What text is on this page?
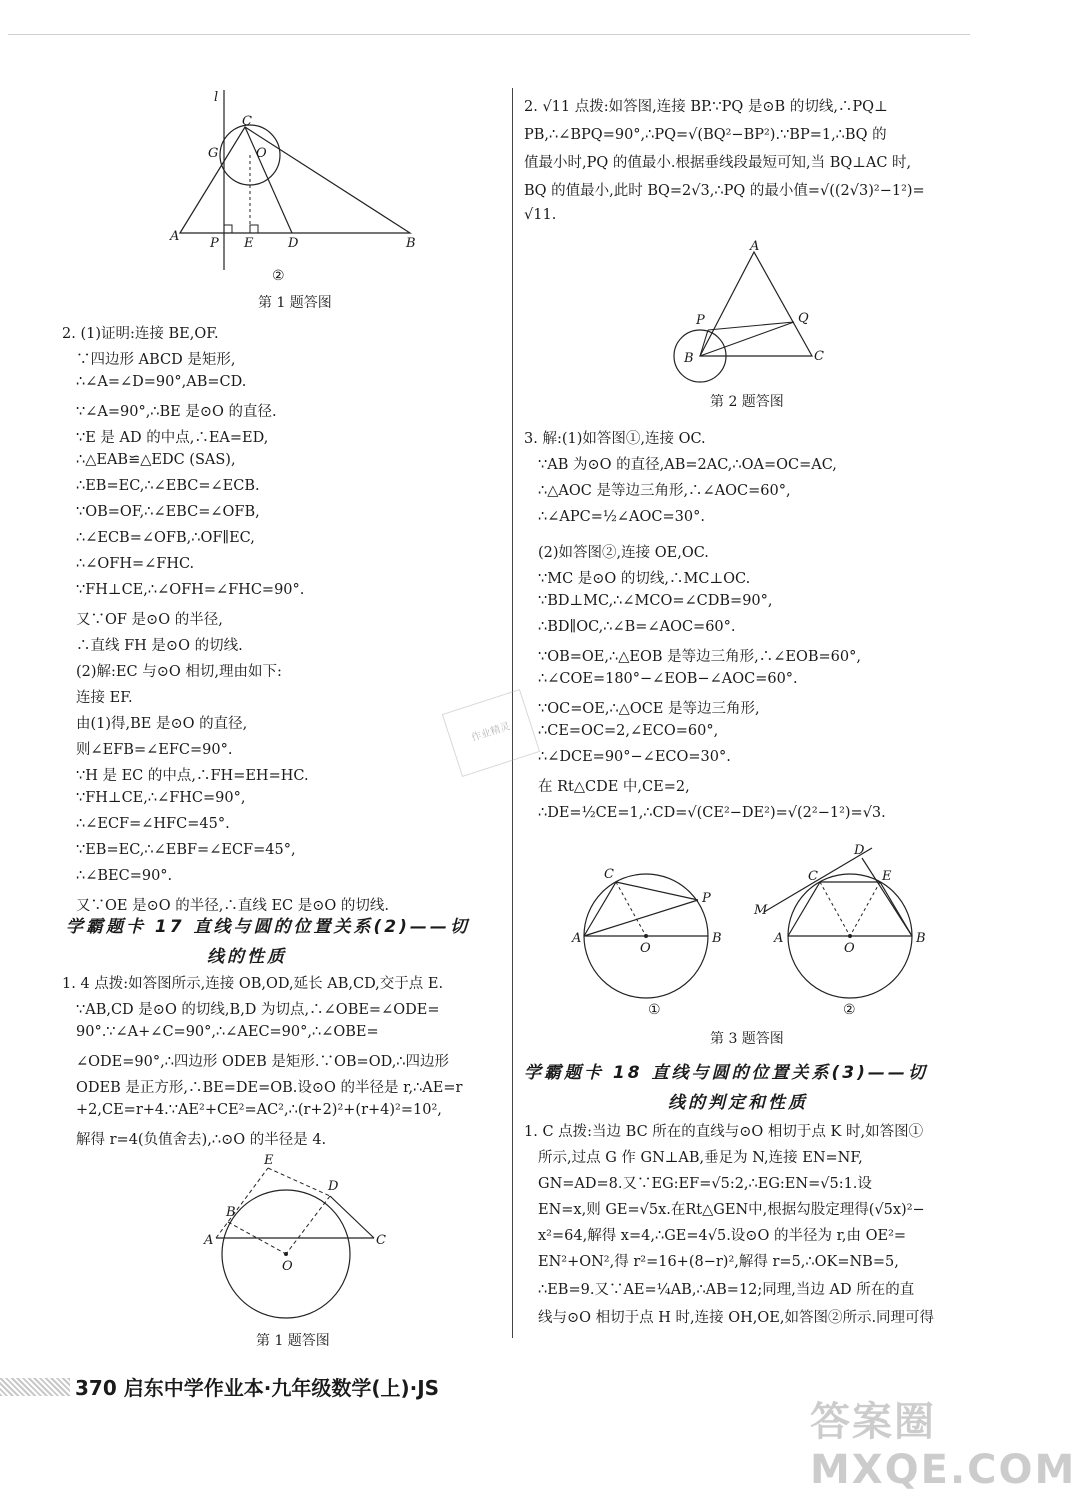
l
C
G	O
A P E	D	B
②
第 1 题答图
2. (1)证明:连接 BE,OF.
∵四边形 ABCD 是矩形,
∴∠A=∠D=90°,AB=CD.
∵∠A=90°,∴BE 是⊙O 的直径.
∵E 是 AD 的中点,∴EA=ED,
∴△EAB≌△EDC (SAS),
∴EB=EC,∴∠EBC=∠ECB.
∵OB=OF,∴∠EBC=∠OFB,
∴∠ECB=∠OFB,∴OF∥EC,
∴∠OFH=∠FHC.
∵FH⊥CE,∴∠OFH=∠FHC=90°.
又∵OF 是⊙O 的半径,
∴直线 FH 是⊙O 的切线.
(2)解:EC 与⊙O 相切,理由如下:
连接 EF.
由(1)得,BE 是⊙O 的直径,
则∠EFB=∠EFC=90°.
∵H 是 EC 的中点,∴FH=EH=HC.
∵FH⊥CE,∴∠FHC=90°,
∴∠ECF=∠HFC=45°.
∵EB=EC,∴∠EBF=∠ECF=45°,
∴∠BEC=90°.
又∵OE 是⊙O 的半径,∴直线 EC 是⊙O 的切线.
学霸题卡 17 直线与圆的位置关系(2)——切
线的性质
1. 4 点拨:如答图所示,连接 OB,OD,延长 AB,CD,交于点 E.
∵AB,CD 是⊙O 的切线,B,D 为切点,∴∠OBE=∠ODE=
90°.∵∠A+∠C=90°,∴∠AEC=90°,∴∠OBE=
∠ODE=90°,∴四边形 ODEB 是矩形.∵OB=OD,∴四边形
ODEB 是正方形,∴BE=DE=OB.设⊙O 的半径是 r,∴AE=r
+2,CE=r+4.∵AE²+CE²=AC²,∴(r+2)²+(r+4)²=10²,
解得 r=4(负值舍去),∴⊙O 的半径是 4.
E
D
B
A	C
O
第 1 题答图
2. √11 点拨:如答图,连接 BP.∵PQ 是⊙B 的切线,∴PQ⊥
PB,∴∠BPQ=90°,∴PQ=√(BQ²−BP²).∵BP=1,∴BQ 的
值最小时,PQ 的值最小.根据垂线段最短可知,当 BQ⊥AC 时,
BQ 的值最小,此时 BQ=2√3,∴PQ 的最小值=√((2√3)²−1²)=
√11.
A
P	Q
B	C
第 2 题答图
3. 解:(1)如答图①,连接 OC.
∵AB 为⊙O 的直径,AB=2AC,∴OA=OC=AC,
∴△AOC 是等边三角形,∴∠AOC=60°,
∴∠APC=½∠AOC=30°.
(2)如答图②,连接 OE,OC.
∵MC 是⊙O 的切线,∴MC⊥OC.
∵BD⊥MC,∴∠MCO=∠CDB=90°,
∴BD∥OC,∴∠B=∠AOC=60°.
∵OB=OE,∴△EOB 是等边三角形,∴∠EOB=60°,
∴∠COE=180°−∠EOB−∠AOC=60°.
∵OC=OE,∴△OCE 是等边三角形,
∴CE=OC=2,∠ECO=60°,
∴∠DCE=90°−∠ECO=30°.
在 Rt△CDE 中,CE=2,
∴DE=½CE=1,∴CD=√(CE²−DE²)=√(2²−1²)=√3.
C
P
A
O
B
①
D
C	E
M
A
O
B
②
第 3 题答图
学霸题卡 18 直线与圆的位置关系(3)——切
线的判定和性质
1. C 点拨:当边 BC 所在的直线与⊙O 相切于点 K 时,如答图①
所示,过点 G 作 GN⊥AB,垂足为 N,连接 EN=NF,
GN=AD=8.又∵EG:EF=√5:2,∴EG:EN=√5:1.设
EN=x,则 GE=√5x.在Rt△GEN中,根据勾股定理得(√5x)²−
x²=64,解得 x=4,∴GE=4√5.设⊙O 的半径为 r,由 OE²=
EN²+ON²,得 r²=16+(8−r)²,解得 r=5,∴OK=NB=5,
∴EB=9.又∵AE=¼AB,∴AB=12;同理,当边 AD 所在的直
线与⊙O 相切于点 H 时,连接 OH,OE,如答图②所示.同理可得
作业精灵
答案圈 MXQE.COM
370 启东中学作业本·九年级数学(上)·JS
